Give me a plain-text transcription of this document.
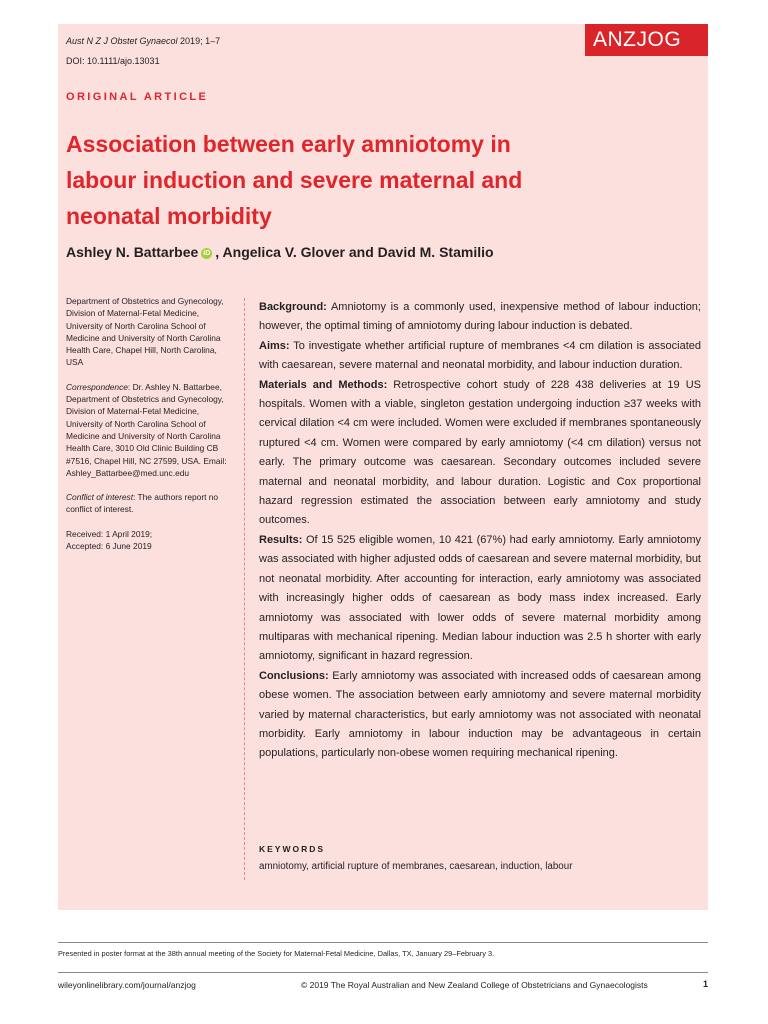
Aust N Z J Obstet Gynaecol 2019; 1–7
DOI: 10.1111/ajo.13031
ANZJOG
ORIGINAL ARTICLE
Association between early amniotomy in labour induction and severe maternal and neonatal morbidity
Ashley N. Battarbee iD , Angelica V. Glover and David M. Stamilio

Department of Obstetrics and Gynecology, Division of Maternal-Fetal Medicine, University of North Carolina School of Medicine and University of North Carolina Health Care, Chapel Hill, North Carolina, USA

Correspondence: Dr. Ashley N. Battarbee, Department of Obstetrics and Gynecology, Division of Maternal-Fetal Medicine, University of North Carolina School of Medicine and University of North Carolina Health Care, 3010 Old Clinic Building CB #7516, Chapel Hill, NC 27599, USA. Email: Ashley_Battarbee@med.unc.edu

Conflict of interest: The authors report no conflict of interest.

Received: 1 April 2019;

Accepted: 6 June 2019

Background: Amniotomy is a commonly used, inexpensive method of labour induction; however, the optimal timing of amniotomy during labour induction is debated.

Aims: To investigate whether artificial rupture of membranes <4 cm dilation is associated with caesarean, severe maternal and neonatal morbidity, and labour induction duration.

Materials and Methods: Retrospective cohort study of 228 438 deliveries at 19 US hospitals. Women with a viable, singleton gestation undergoing induction ≥37 weeks with cervical dilation <4 cm were included. Women were excluded if membranes spontaneously ruptured <4 cm. Women were compared by early amniotomy (<4 cm dilation) versus not early. The primary outcome was caesarean. Secondary outcomes included severe maternal and neonatal morbidity, and labour duration. Logistic and Cox proportional hazard regression estimated the association between early amniotomy and study outcomes.

Results: Of 15 525 eligible women, 10 421 (67%) had early amniotomy. Early amniotomy was associated with higher adjusted odds of caesarean and severe maternal morbidity, but not neonatal morbidity. After accounting for interaction, early amniotomy was associated with increasingly higher odds of caesarean as body mass index increased. Early amniotomy was associated with lower odds of severe maternal morbidity among multiparas with mechanical ripening. Median labour induction was 2.5 h shorter with early amniotomy, significant in hazard regression.

Conclusions: Early amniotomy was associated with increased odds of caesarean among obese women. The association between early amniotomy and severe maternal morbidity varied by maternal characteristics, but early amniotomy was not associated with neonatal morbidity. Early amniotomy in labour induction may be advantageous in certain populations, particularly non-obese women requiring mechanical ripening.

KEYWORDS
amniotomy, artificial rupture of membranes, caesarean, induction, labour
Presented in poster format at the 38th annual meeting of the Society for Maternal-Fetal Medicine, Dallas, TX, January 29–February 3.
wileyonlinelibrary.com/journal/anzjog	© 2019 The Royal Australian and New Zealand College of Obstetricians and Gynaecologists	1
